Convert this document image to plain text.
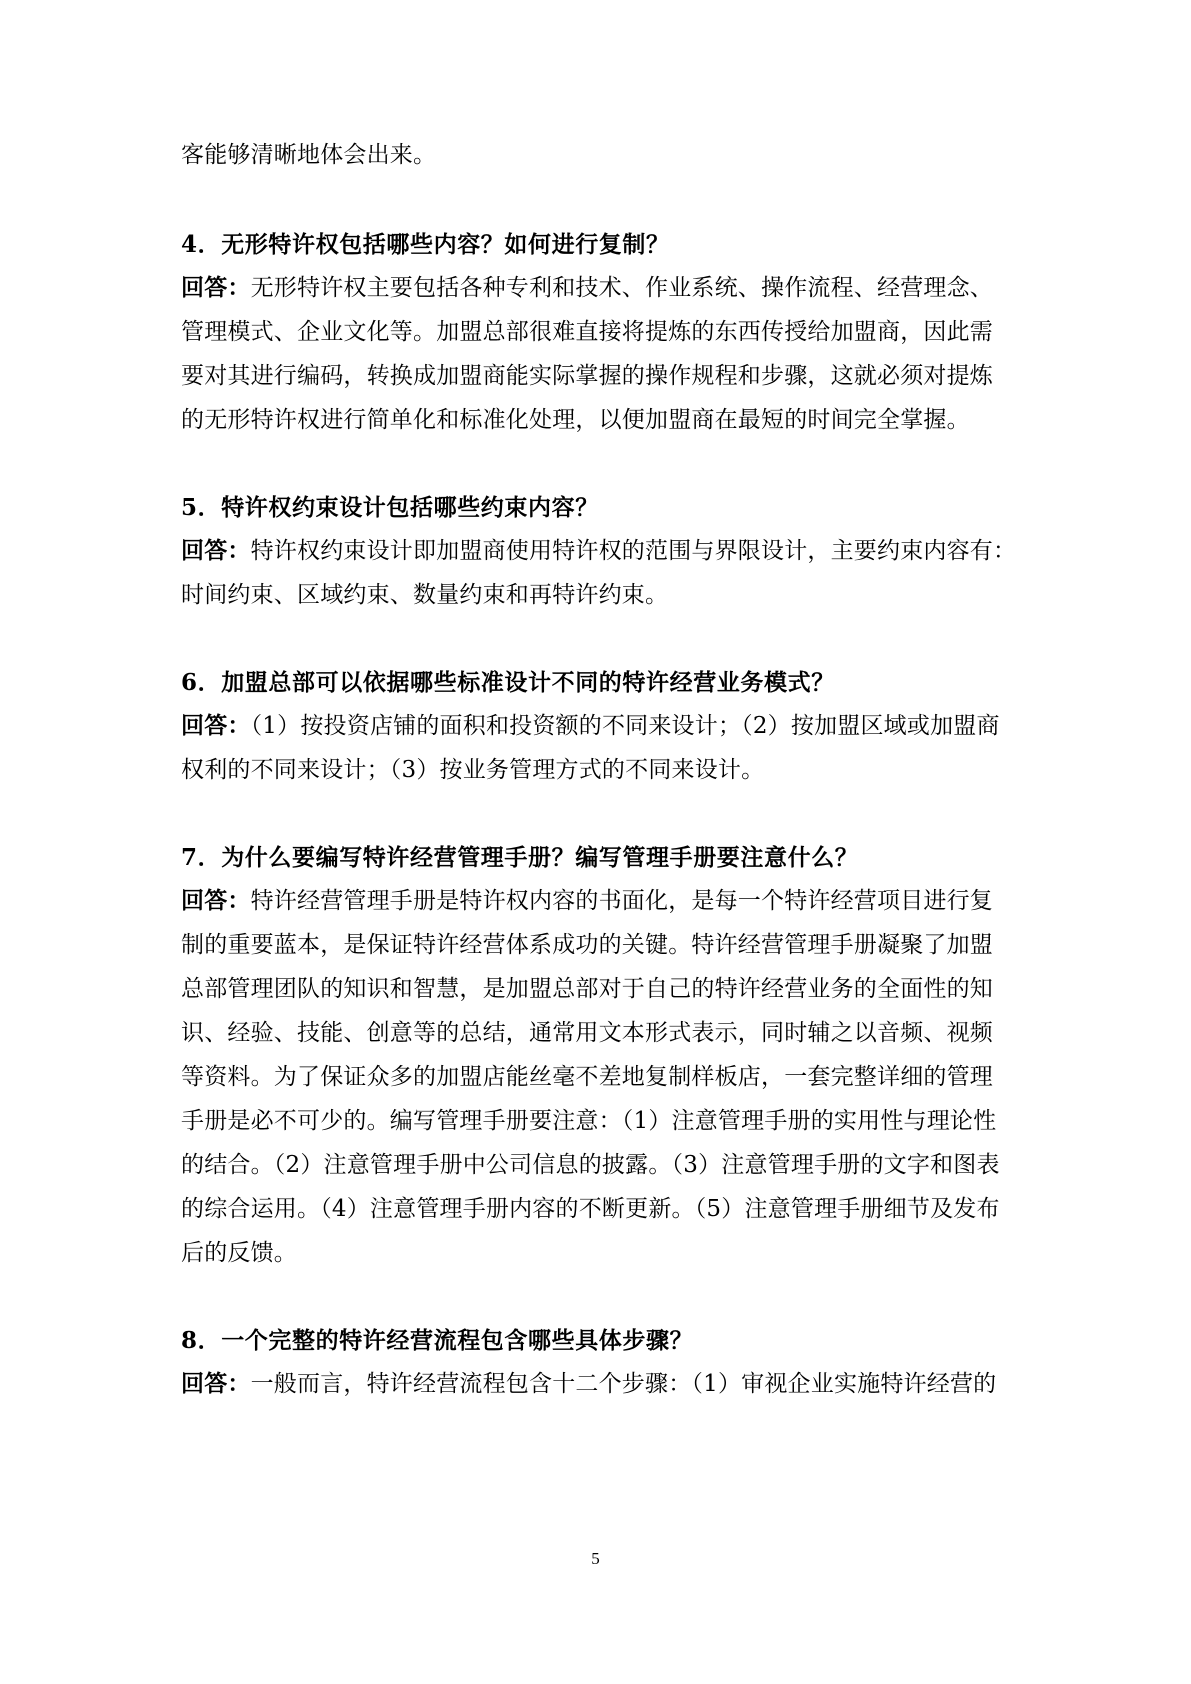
客能够清晰地体会出来。
4．无形特许权包括哪些内容？如何进行复制？
回答：无形特许权主要包括各种专利和技术、作业系统、操作流程、经营理念、
管理模式、企业文化等。加盟总部很难直接将提炼的东西传授给加盟商，因此需
要对其进行编码，转换成加盟商能实际掌握的操作规程和步骤，这就必须对提炼
的无形特许权进行简单化和标准化处理，以便加盟商在最短的时间完全掌握。
5．特许权约束设计包括哪些约束内容？
回答：特许权约束设计即加盟商使用特许权的范围与界限设计，主要约束内容有：
时间约束、区域约束、数量约束和再特许约束。
6．加盟总部可以依据哪些标准设计不同的特许经营业务模式？
回答：（1）按投资店铺的面积和投资额的不同来设计；（2）按加盟区域或加盟商
权利的不同来设计；（3）按业务管理方式的不同来设计。
7．为什么要编写特许经营管理手册？编写管理手册要注意什么？
回答：特许经营管理手册是特许权内容的书面化，是每一个特许经营项目进行复
制的重要蓝本，是保证特许经营体系成功的关键。特许经营管理手册凝聚了加盟
总部管理团队的知识和智慧，是加盟总部对于自己的特许经营业务的全面性的知
识、经验、技能、创意等的总结，通常用文本形式表示，同时辅之以音频、视频
等资料。为了保证众多的加盟店能丝毫不差地复制样板店，一套完整详细的管理
手册是必不可少的。编写管理手册要注意：（1）注意管理手册的实用性与理论性
的结合。（2）注意管理手册中公司信息的披露。（3）注意管理手册的文字和图表
的综合运用。（4）注意管理手册内容的不断更新。（5）注意管理手册细节及发布
后的反馈。
8．一个完整的特许经营流程包含哪些具体步骤？
回答：一般而言，特许经营流程包含十二个步骤：（1）审视企业实施特许经营的
5
